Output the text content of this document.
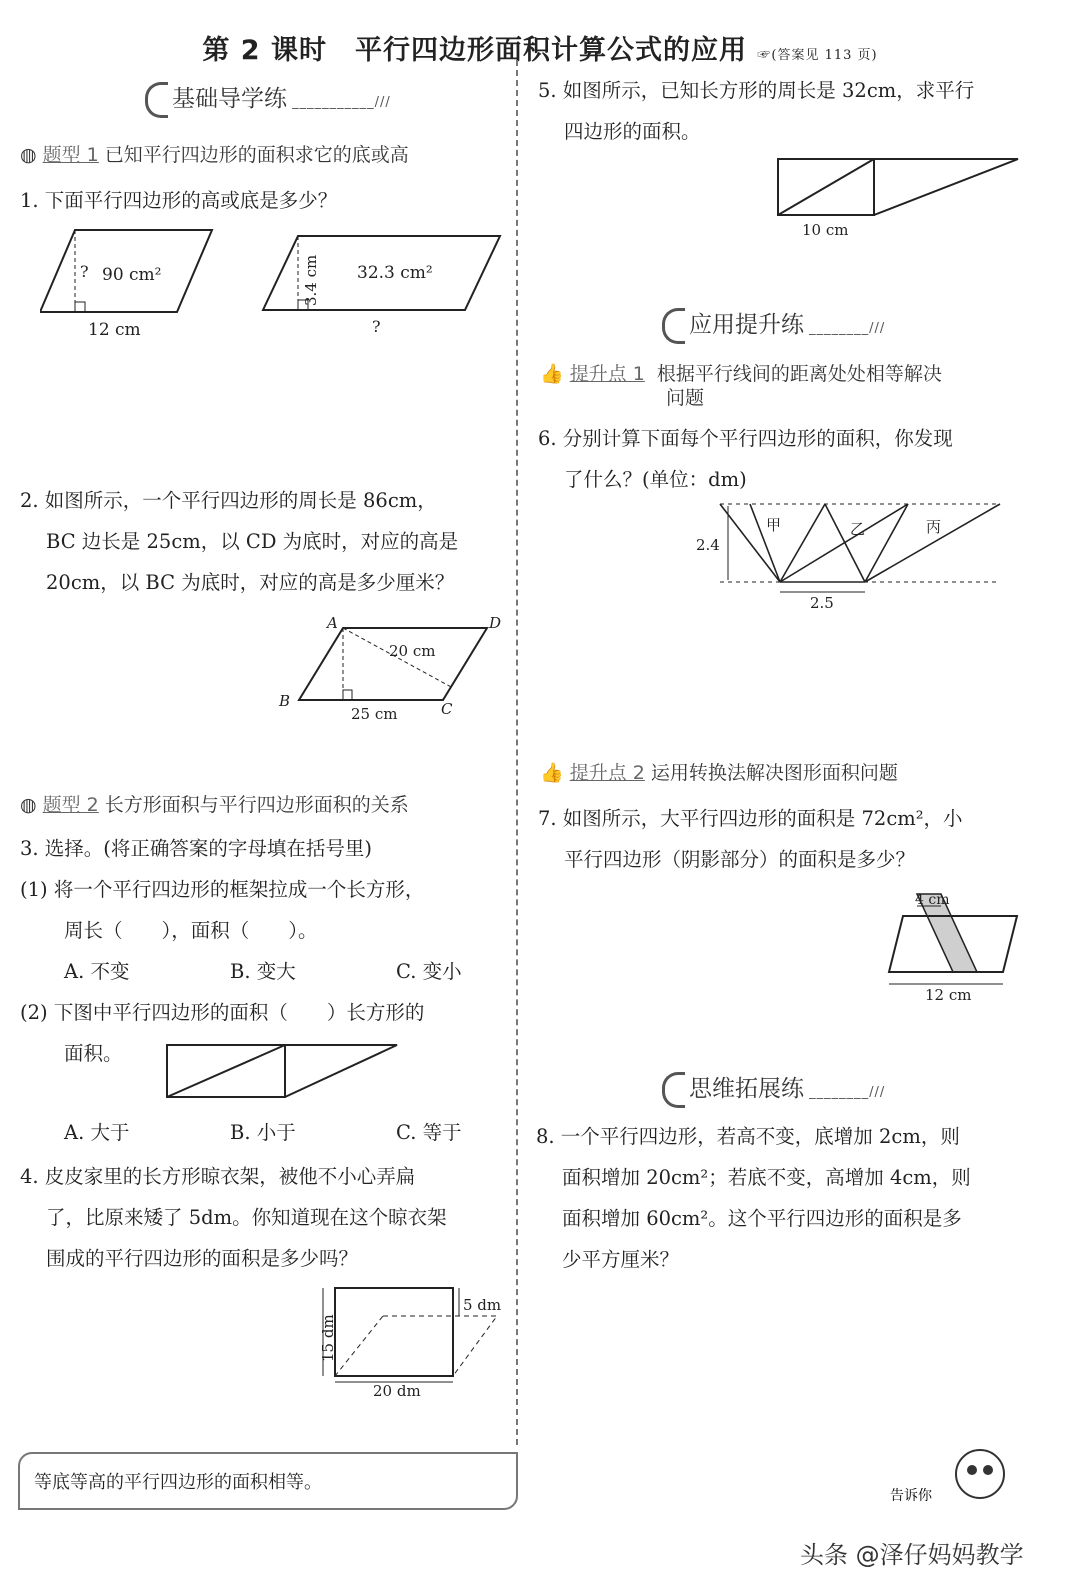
第 2 课时　平行四边形面积计算公式的应用 ☞(答案见 113 页)
基础导学练 ___________///
◍ 题型 1 已知平行四边形的面积求它的底或高
1. 下面平行四边形的高或底是多少？
? 90 cm²
12 cm
3.4 cm 32.3 cm²
?
2. 如图所示，一个平行四边形的周长是 86cm，
BC 边长是 25cm，以 CD 为底时，对应的高是
20cm，以 BC 为底时，对应的高是多少厘米？
A	D
B	C
20 cm
25 cm
◍ 题型 2 长方形面积与平行四边形面积的关系
3. 选择。(将正确答案的字母填在括号里)
(1) 将一个平行四边形的框架拉成一个长方形，
周长（　　），面积（　　）。
A. 不变	B. 变大	C. 变小
(2) 下图中平行四边形的面积（　　）长方形的
面积。
A. 大于	B. 小于	C. 等于
4. 皮皮家里的长方形晾衣架，被他不小心弄扁
了，比原来矮了 5dm。你知道现在这个晾衣架
围成的平行四边形的面积是多少吗？
15 dm
5 dm
20 dm
等底等高的平行四边形的面积相等。
5. 如图所示，已知长方形的周长是 32cm，求平行
四边形的面积。
10 cm
应用提升练 ________///
👍 提升点 1 根据平行线间的距离处处相等解决
问题
6. 分别计算下面每个平行四边形的面积，你发现
了什么？(单位：dm)
2.4
2.5
甲	乙	丙
👍 提升点 2 运用转换法解决图形面积问题
7. 如图所示，大平行四边形的面积是 72cm²，小
平行四边形（阴影部分）的面积是多少？
4 cm
12 cm
思维拓展练 ________///
8. 一个平行四边形，若高不变，底增加 2cm，则
面积增加 20cm²；若底不变，高增加 4cm，则
面积增加 60cm²。这个平行四边形的面积是多
少平方厘米？
告诉你
头条 @泽仔妈妈教学
